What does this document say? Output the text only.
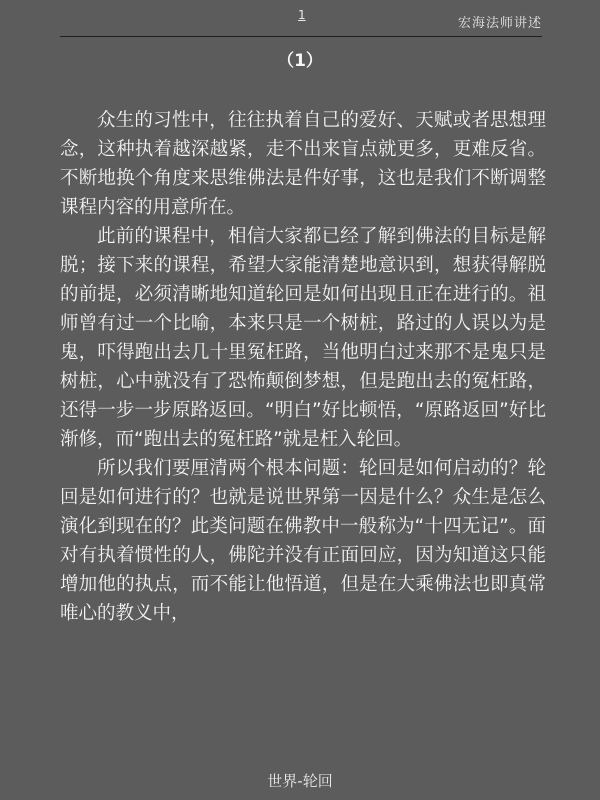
1
宏海法师讲述
（1）

众生的习性中，往往执着自己的爱好、天赋或者思想理念，这种执着越深越紧，走不出来盲点就更多，更难反省。不断地换个角度来思维佛法是件好事，这也是我们不断调整课程内容的用意所在。

此前的课程中，相信大家都已经了解到佛法的目标是解脱；接下来的课程，希望大家能清楚地意识到，想获得解脱的前提，必须清晰地知道轮回是如何出现且正在进行的。祖师曾有过一个比喻，本来只是一个树桩，路过的人误以为是鬼，吓得跑出去几十里冤枉路，当他明白过来那不是鬼只是树桩，心中就没有了恐怖颠倒梦想，但是跑出去的冤枉路，还得一步一步原路返回。“明白”好比顿悟，“原路返回”好比渐修，而“跑出去的冤枉路”就是枉入轮回。

所以我们要厘清两个根本问题：轮回是如何启动的？轮回是如何进行的？也就是说世界第一因是什么？众生是怎么演化到现在的？此类问题在佛教中一般称为“十四无记”。面对有执着惯性的人，佛陀并没有正面回应，因为知道这只能增加他的执点，而不能让他悟道，但是在大乘佛法也即真常唯心的教义中，

世界-轮回
